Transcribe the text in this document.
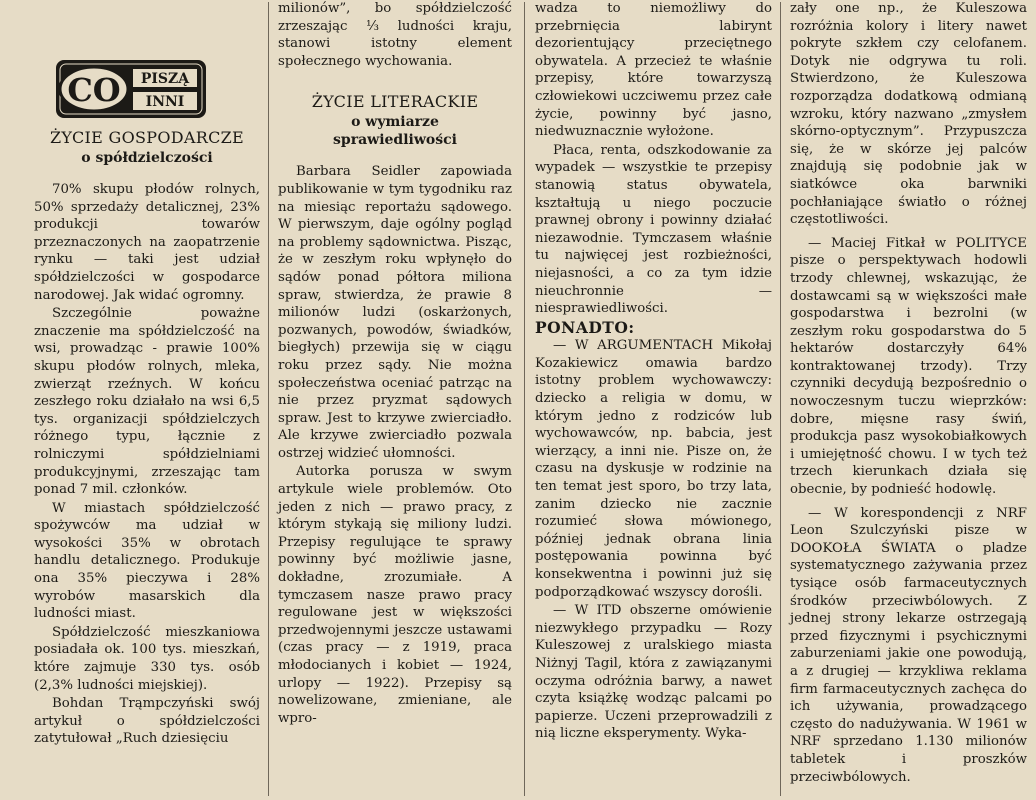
CO PISZĄ
INNI
ŻYCIE GOSPODARCZE
o spółdzielczości

70% skupu płodów rolnych, 50% sprzedaży detalicznej, 23% produkcji towarów przeznaczonych na zaopatrzenie rynku — taki jest udział spółdzielczości w gospodarce narodowej. Jak widać ogromny.

Szczególnie poważne znaczenie ma spółdzielczość na wsi, prowadząc - prawie 100% skupu płodów rolnych, mleka, zwierząt rzeźnych. W końcu zeszłego roku działało na wsi 6,5 tys. organizacji spółdzielczych różnego typu, łącznie z rolniczymi spółdzielniami produkcyjnymi, zrzeszając tam ponad 7 mil. członków.

W miastach spółdzielczość spożywców ma udział w wysokości 35% w obrotach handlu detalicznego. Produkuje ona 35% pieczywa i 28% wyrobów masarskich dla ludności miast.

Spółdzielczość mieszkaniowa posiadała ok. 100 tys. mieszkań, które zajmuje 330 tys. osób (2,3% ludności miejskiej).

Bohdan Trąmpczyński swój artykuł o spółdzielczości zatytułował „Ruch dziesięciu

milionów”, bo spółdzielczość zrzeszając ⅓ ludności kraju, stanowi istotny element społecznego wychowania.

ŻYCIE LITERACKIE
o wymiarze
sprawiedliwości

Barbara Seidler zapowiada publikowanie w tym tygodniku raz na miesiąc reportażu sądowego. W pierwszym, daje ogólny pogląd na problemy sądownictwa. Pisząc, że w zeszłym roku wpłynęło do sądów ponad półtora miliona spraw, stwierdza, że prawie 8 milionów ludzi (oskarżonych, pozwanych, powodów, świadków, biegłych) przewija się w ciągu roku przez sądy. Nie można społeczeństwa oceniać patrząc na nie przez pryzmat sądowych spraw. Jest to krzywe zwierciadło. Ale krzywe zwierciadło pozwala ostrzej widzieć ułomności.

Autorka porusza w swym artykule wiele problemów. Oto jeden z nich — prawo pracy, z którym stykają się miliony ludzi. Przepisy regulujące te sprawy powinny być możliwie jasne, dokładne, zrozumiałe. A tymczasem nasze prawo pracy regulowane jest w większości przedwojennymi jeszcze ustawami (czas pracy — z 1919, praca młodocianych i kobiet — 1924, urlopy — 1922). Przepisy są nowelizowane, zmieniane, ale wpro-

wadza to niemożliwy do przebrnięcia labirynt dezorientujący przeciętnego obywatela. A przecież te właśnie przepisy, które towarzyszą człowiekowi uczciwemu przez całe życie, powinny być jasno, niedwuznacznie wyłożone.

Płaca, renta, odszkodowanie za wypadek — wszystkie te przepisy stanowią status obywatela, kształtują u niego poczucie prawnej obrony i powinny działać niezawodnie. Tymczasem właśnie tu najwięcej jest rozbieżności, niejasności, a co za tym idzie nieuchronnie — niesprawiedliwości.

PONADTO:

— W ARGUMENTACH Mikołaj Kozakiewicz omawia bardzo istotny problem wychowawczy: dziecko a religia w domu, w którym jedno z rodziców lub wychowawców, np. babcia, jest wierzący, a inni nie. Pisze on, że czasu na dyskusje w rodzinie na ten temat jest sporo, bo trzy lata, zanim dziecko nie zacznie rozumieć słowa mówionego, później jednak obrana linia postępowania powinna być konsekwentna i powinni już się podporządkować wszyscy dorośli.

— W ITD obszerne omówienie niezwykłego przypadku — Rozy Kuleszowej z uralskiego miasta Niżnyj Tagil, która z zawiązanymi oczyma odróżnia barwy, a nawet czyta książkę wodząc palcami po papierze. Uczeni przeprowadzili z nią liczne eksperymenty. Wyka-

zały one np., że Kuleszowa rozróżnia kolory i litery nawet pokryte szkłem czy celofanem. Dotyk nie odgrywa tu roli. Stwierdzono, że Kuleszowa rozporządza dodatkową odmianą wzroku, który nazwano „zmysłem skórno-optycznym”. Przypuszcza się, że w skórze jej palców znajdują się podobnie jak w siatkówce oka barwniki pochłaniające światło o różnej częstotliwości.

— Maciej Fitkał w POLITYCE pisze o perspektywach hodowli trzody chlewnej, wskazując, że dostawcami są w większości małe gospodarstwa i bezrolni (w zeszłym roku gospodarstwa do 5 hektarów dostarczyły 64% kontraktowanej trzody). Trzy czynniki decydują bezpośrednio o nowoczesnym tuczu wieprzków: dobre, mięsne rasy świń, produkcja pasz wysokobiałkowych i umiejętność chowu. I w tych też trzech kierunkach działa się obecnie, by podnieść hodowlę.

— W korespondencji z NRF Leon Szulczyński pisze w DOOKOŁA ŚWIATA o pladze systematycznego zażywania przez tysiące osób farmaceutycznych środków przeciwbólowych. Z jednej strony lekarze ostrzegają przed fizycznymi i psychicznymi zaburzeniami jakie one powodują, a z drugiej — krzykliwa reklama firm farmaceutycznych zachęca do ich używania, prowadzącego często do nadużywania. W 1961 w NRF sprzedano 1.130 milionów tabletek i proszków przeciwbólowych.
